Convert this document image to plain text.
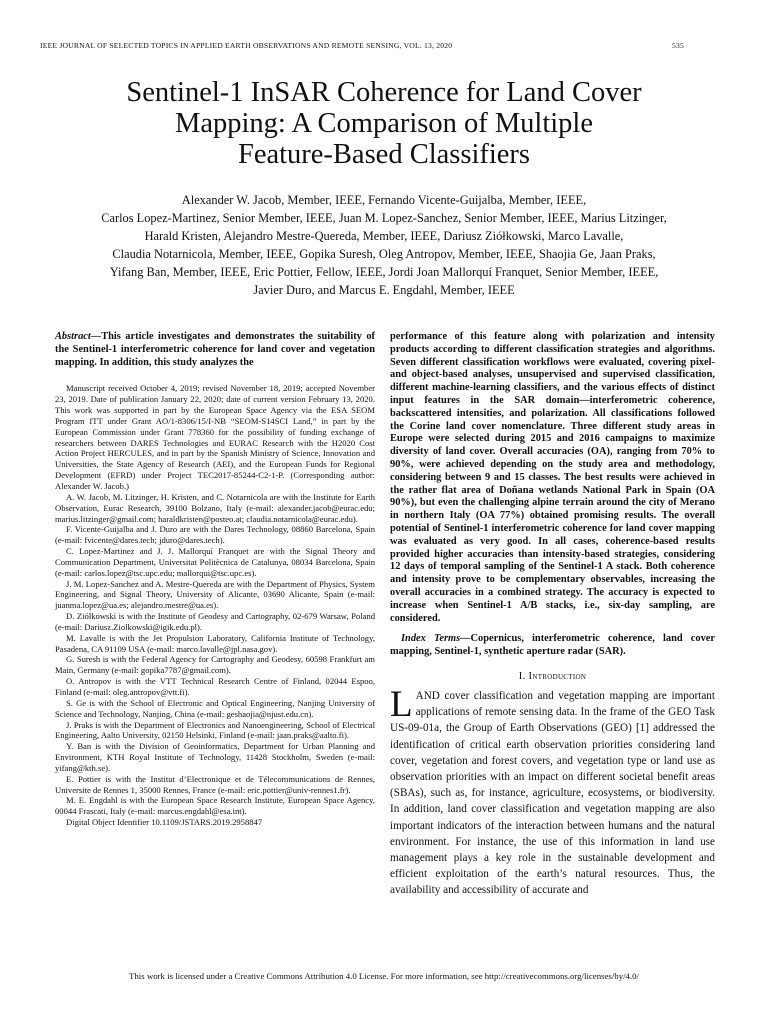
IEEE JOURNAL OF SELECTED TOPICS IN APPLIED EARTH OBSERVATIONS AND REMOTE SENSING, VOL. 13, 2020	535
Sentinel-1 InSAR Coherence for Land Cover
Mapping: A Comparison of Multiple
Feature-Based Classifiers
Alexander W. Jacob, Member, IEEE, Fernando Vicente-Guijalba, Member, IEEE,
Carlos Lopez-Martinez, Senior Member, IEEE, Juan M. Lopez-Sanchez, Senior Member, IEEE, Marius Litzinger,
Harald Kristen, Alejandro Mestre-Quereda, Member, IEEE, Dariusz Ziółkowski, Marco Lavalle,
Claudia Notarnicola, Member, IEEE, Gopika Suresh, Oleg Antropov, Member, IEEE, Shaojia Ge, Jaan Praks,
Yifang Ban, Member, IEEE, Eric Pottier, Fellow, IEEE, Jordi Joan Mallorquí Franquet, Senior Member, IEEE,
Javier Duro, and Marcus E. Engdahl, Member, IEEE
Abstract—This article investigates and demonstrates the suitability of the Sentinel-1 interferometric coherence for land cover and vegetation mapping. In addition, this study analyzes the

Manuscript received October 4, 2019; revised November 18, 2019; accepted November 23, 2019. Date of publication January 22, 2020; date of current version February 13, 2020. This work was supported in part by the European Space Agency via the ESA SEOM Program ITT under Grant AO/1-8306/15/I-NB “SEOM-S14SCI Land,” in part by the European Commission under Grant 778360 for the possibility of funding exchange of researchers between DARES Technologies and EURAC Research with the H2020 Cost Action Project HERCULES, and in part by the Spanish Ministry of Science, Innovation and Universities, the State Agency of Research (AEI), and the European Funds for Regional Development (EFRD) under Project TEC2017-85244-C2-1-P. (Corresponding author: Alexander W. Jacob.)

A. W. Jacob, M. Litzinger, H. Kristen, and C. Notarnicola are with the Institute for Earth Observation, Eurac Research, 39100 Bolzano, Italy (e-mail: alexander.jacob@eurac.edu; marius.litzinger@gmail.com; haraldkristen@posteo.at; claudia.notarnicola@eurac.edu).

F. Vicente-Guijalba and J. Duro are with the Dares Technology, 08860 Barcelona, Spain (e-mail: fvicente@dares.tech; jduro@dares.tech).

C. Lopez-Martinez and J. J. Mallorquí Franquet are with the Signal Theory and Communication Department, Universitat Politècnica de Catalunya, 08034 Barcelona, Spain (e-mail: carlos.lopez@tsc.upc.edu; mallorqui@tsc.upc.es).

J. M. Lopez-Sanchez and A. Mestre-Quereda are with the Department of Physics, System Engineering, and Signal Theory, University of Alicante, 03690 Alicante, Spain (e-mail: juanma.lopez@ua.es; alejandro.mestre@ua.es).

D. Ziółkowski is with the Institute of Geodesy and Cartography, 02-679 Warsaw, Poland (e-mail: Dariusz.Ziolkowski@igik.edu.pl).

M. Lavalle is with the Jet Propulsion Laboratory, California Institute of Technology, Pasadena, CA 91109 USA (e-mail: marco.lavalle@jpl.nasa.gov).

G. Suresh is with the Federal Agency for Cartography and Geodesy, 60598 Frankfurt am Main, Germany (e-mail: gopika7787@gmail.com).

O. Antropov is with the VTT Technical Research Centre of Finland, 02044 Espoo, Finland (e-mail: oleg.antropov@vtt.fi).

S. Ge is with the School of Electronic and Optical Engineering, Nanjing University of Science and Technology, Nanjing, China (e-mail: geshaojia@njust.edu.cn).

J. Praks is with the Department of Electronics and Nanoengineering, School of Electrical Engineering, Aalto University, 02150 Helsinki, Finland (e-mail: jaan.praks@aalto.fi).

Y. Ban is with the Division of Geoinformatics, Department for Urban Planning and Environment, KTH Royal Institute of Technology, 11428 Stockholm, Sweden (e-mail: yifang@kth.se).

E. Pottier is with the Institut d’Electronique et de Télecommunications de Rennes, Universite de Rennes 1, 35000 Rennes, France (e-mail: eric.pottier@univ-rennes1.fr).

M. E. Engdahl is with the European Space Research Institute, European Space Agency, 00044 Frascati, Italy (e-mail: marcus.engdahl@esa.int).

Digital Object Identifier 10.1109/JSTARS.2019.2958847

performance of this feature along with polarization and intensity products according to different classification strategies and algorithms. Seven different classification workflows were evaluated, covering pixel- and object-based analyses, unsupervised and supervised classification, different machine-learning classifiers, and the various effects of distinct input features in the SAR domain—interferometric coherence, backscattered intensities, and polarization. All classifications followed the Corine land cover nomenclature. Three different study areas in Europe were selected during 2015 and 2016 campaigns to maximize diversity of land cover. Overall accuracies (OA), ranging from 70% to 90%, were achieved depending on the study area and methodology, considering between 9 and 15 classes. The best results were achieved in the rather flat area of Doñana wetlands National Park in Spain (OA 90%), but even the challenging alpine terrain around the city of Merano in northern Italy (OA 77%) obtained promising results. The overall potential of Sentinel-1 interferometric coherence for land cover mapping was evaluated as very good. In all cases, coherence-based results provided higher accuracies than intensity-based strategies, considering 12 days of temporal sampling of the Sentinel-1 A stack. Both coherence and intensity prove to be complementary observables, increasing the overall accuracies in a combined strategy. The accuracy is expected to increase when Sentinel-1 A/B stacks, i.e., six-day sampling, are considered.
Index Terms—Copernicus, interferometric coherence, land cover mapping, Sentinel-1, synthetic aperture radar (SAR).
I. Introduction
LAND cover classification and vegetation mapping are important applications of remote sensing data. In the frame of the GEO Task US-09-01a, the Group of Earth Observations (GEO) [1] addressed the identification of critical earth observation priorities considering land cover, vegetation and forest covers, and vegetation type or land use as observation priorities with an impact on different societal benefit areas (SBAs), such as, for instance, agriculture, ecosystems, or biodiversity. In addition, land cover classification and vegetation mapping are also important indicators of the interaction between humans and the natural environment. For instance, the use of this information in land use management plays a key role in the sustainable development and efficient exploitation of the earth’s natural resources. Thus, the availability and accessibility of accurate and
This work is licensed under a Creative Commons Attribution 4.0 License. For more information, see http://creativecommons.org/licenses/by/4.0/
